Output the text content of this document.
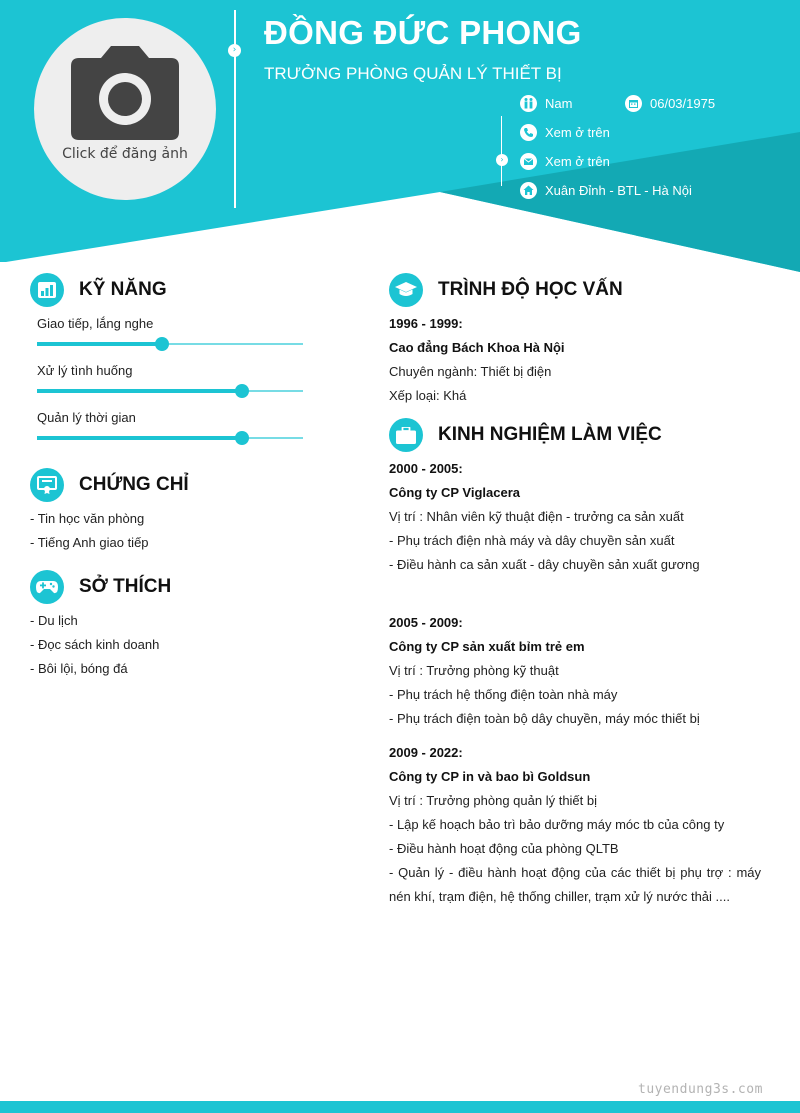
Click để đăng ảnh
› ĐỒNG ĐỨC PHONG
TRƯỞNG PHÒNG QUẢN LÝ THIẾT BỊ
›
Nam	06/03/1975
Xem ở trên
Xem ở trên
Xuân Đỉnh - BTL - Hà Nội
KỸ NĂNG
Giao tiếp, lắng nghe
Xử lý tình huống
Quản lý thời gian
CHỨNG CHỈ
- Tin học văn phòng
- Tiếng Anh giao tiếp
SỞ THÍCH
- Du lịch
- Đọc sách kinh doanh
- Bôi lội, bóng đá
TRÌNH ĐỘ HỌC VẤN
1996 - 1999:
Cao đẳng Bách Khoa Hà Nội
Chuyên ngành: Thiết bị điện
Xếp loại: Khá
KINH NGHIỆM LÀM VIỆC
2000 - 2005:
Công ty CP Viglacera
Vị trí : Nhân viên kỹ thuật điện - trưởng ca sản xuất
- Phụ trách điện nhà máy và dây chuyền sản xuất
- Điều hành ca sản xuất - dây chuyền sản xuất gương
2005 - 2009:
Công ty CP sản xuất bỉm trẻ em
Vị trí : Trưởng phòng kỹ thuật
- Phụ trách hệ thống điện toàn nhà máy
- Phụ trách điện toàn bộ dây chuyền, máy móc thiết bị
2009 - 2022:
Công ty CP in và bao bì Goldsun
Vị trí : Trưởng phòng quản lý thiết bị
- Lập kế hoạch bảo trì bảo dưỡng máy móc tb của công ty
- Điều hành hoạt động của phòng QLTB
- Quản lý - điều hành hoạt động của các thiết bị phụ trợ : máy nén khí, trạm điện, hệ thống chiller, trạm xử lý nước thải ....
tuyendung3s.com
